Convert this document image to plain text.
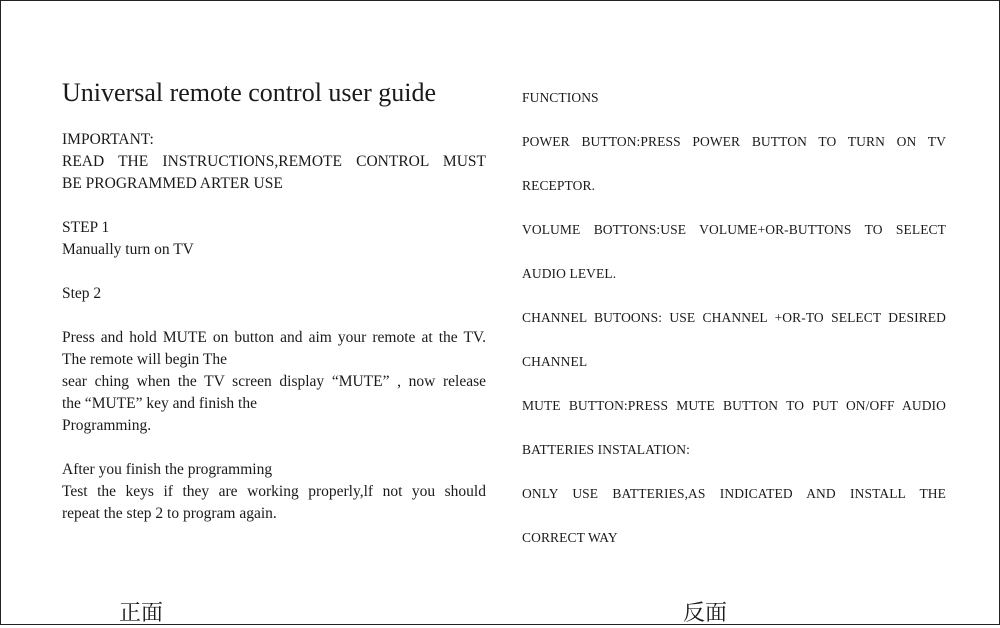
Universal remote control user guide
IMPORTANT:
READ THE INSTRUCTIONS,REMOTE CONTROL MUST
BE PROGRAMMED ARTER USE
STEP 1
Manually turn on TV
Step 2
Press and hold MUTE on button and aim your remote at the TV.
The remote will begin The
sear ching when the TV screen display “MUTE” , now release
the “MUTE” key and finish the
Programming.
After you finish the programming
Test the keys if they are working properly,lf not you should
repeat the step 2 to program again.
FUNCTIONS
POWER BUTTON:PRESS POWER BUTTON TO TURN ON TV
RECEPTOR.
VOLUME BOTTONS:USE VOLUME+OR-BUTTONS TO SELECT
AUDIO LEVEL.
CHANNEL BUTOONS: USE CHANNEL +OR-TO SELECT DESIRED
CHANNEL
MUTE BUTTON:PRESS MUTE BUTTON TO PUT ON/OFF AUDIO
BATTERIES INSTALATION:
ONLY USE BATTERIES,AS INDICATED AND INSTALL THE
CORRECT WAY
正面	反面
